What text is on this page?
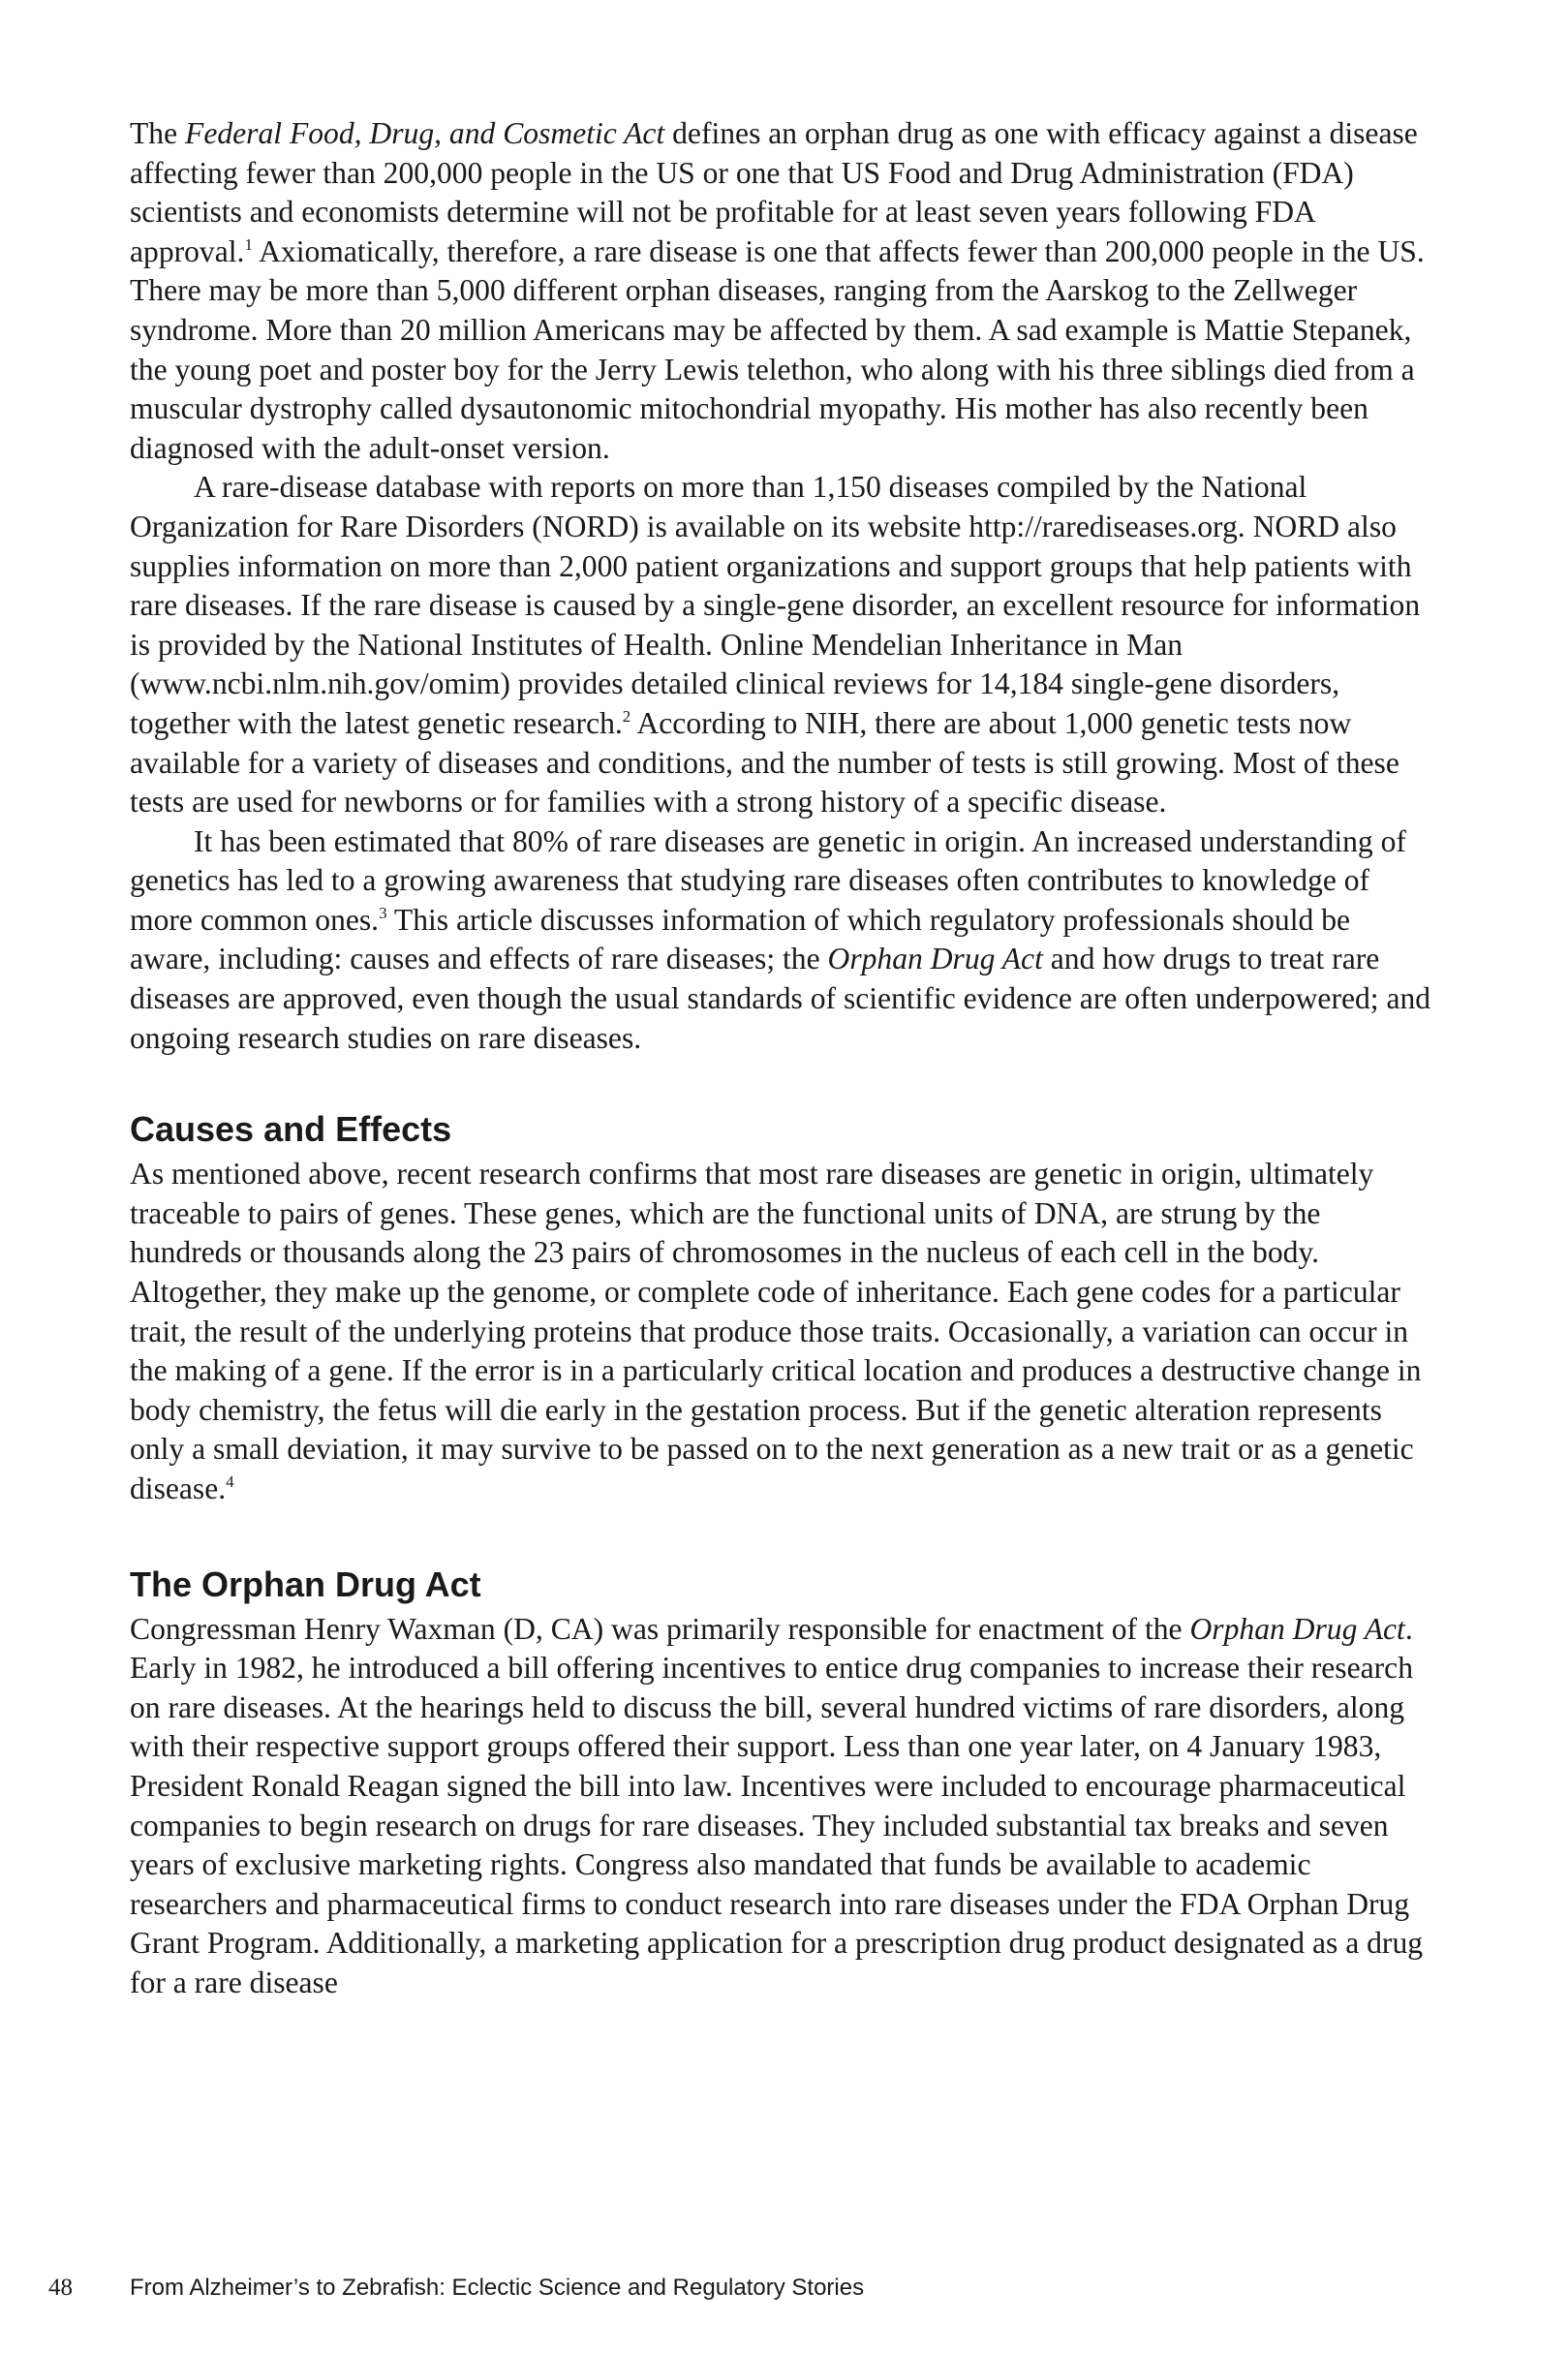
The Federal Food, Drug, and Cosmetic Act defines an orphan drug as one with efficacy against a disease affecting fewer than 200,000 people in the US or one that US Food and Drug Administration (FDA) scientists and economists determine will not be profitable for at least seven years following FDA approval.$^1$ Axiomatically, therefore, a rare disease is one that affects fewer than 200,000 people in the US. There may be more than 5,000 different orphan diseases, ranging from the Aarskog to the Zellweger syndrome. More than 20 million Americans may be affected by them. A sad example is Mattie Stepanek, the young poet and poster boy for the Jerry Lewis telethon, who along with his three siblings died from a muscular dystrophy called dysautonomic mitochondrial myopathy. His mother has also recently been diagnosed with the adult-onset version.

A rare-disease database with reports on more than 1,150 diseases compiled by the National Organization for Rare Disorders (NORD) is available on its website http://rarediseases.org. NORD also supplies information on more than 2,000 patient organizations and support groups that help patients with rare diseases. If the rare disease is caused by a single-gene disorder, an excellent resource for information is provided by the National Institutes of Health. Online Mendelian Inheritance in Man (www.ncbi.nlm.nih.gov/omim) provides detailed clinical reviews for 14,184 single-gene disorders, together with the latest genetic research.$^2$ According to NIH, there are about 1,000 genetic tests now available for a variety of diseases and conditions, and the number of tests is still growing. Most of these tests are used for newborns or for families with a strong history of a specific disease.

It has been estimated that 80% of rare diseases are genetic in origin. An increased understanding of genetics has led to a growing awareness that studying rare diseases often contributes to knowledge of more common ones.$^3$ This article discusses information of which regulatory professionals should be aware, including: causes and effects of rare diseases; the Orphan Drug Act and how drugs to treat rare diseases are approved, even though the usual standards of scientific evidence are often underpowered; and ongoing research studies on rare diseases.

Causes and Effects

As mentioned above, recent research confirms that most rare diseases are genetic in origin, ultimately traceable to pairs of genes. These genes, which are the functional units of DNA, are strung by the hundreds or thousands along the 23 pairs of chromosomes in the nucleus of each cell in the body. Altogether, they make up the genome, or complete code of inheritance. Each gene codes for a particular trait, the result of the underlying proteins that produce those traits. Occasionally, a variation can occur in the making of a gene. If the error is in a particularly critical location and produces a destructive change in body chemistry, the fetus will die early in the gestation process. But if the genetic alteration represents only a small deviation, it may survive to be passed on to the next generation as a new trait or as a genetic disease.$^4$

The Orphan Drug Act

Congressman Henry Waxman (D, CA) was primarily responsible for enactment of the Orphan Drug Act. Early in 1982, he introduced a bill offering incentives to entice drug companies to increase their research on rare diseases. At the hearings held to discuss the bill, several hundred victims of rare disorders, along with their respective support groups offered their support. Less than one year later, on 4 January 1983, President Ronald Reagan signed the bill into law. Incentives were included to encourage pharmaceutical companies to begin research on drugs for rare diseases. They included substantial tax breaks and seven years of exclusive marketing rights. Congress also mandated that funds be available to academic researchers and pharmaceutical firms to conduct research into rare diseases under the FDA Orphan Drug Grant Program. Additionally, a marketing application for a prescription drug product designated as a drug for a rare disease

48 From Alzheimer’s to Zebrafish: Eclectic Science and Regulatory Stories
